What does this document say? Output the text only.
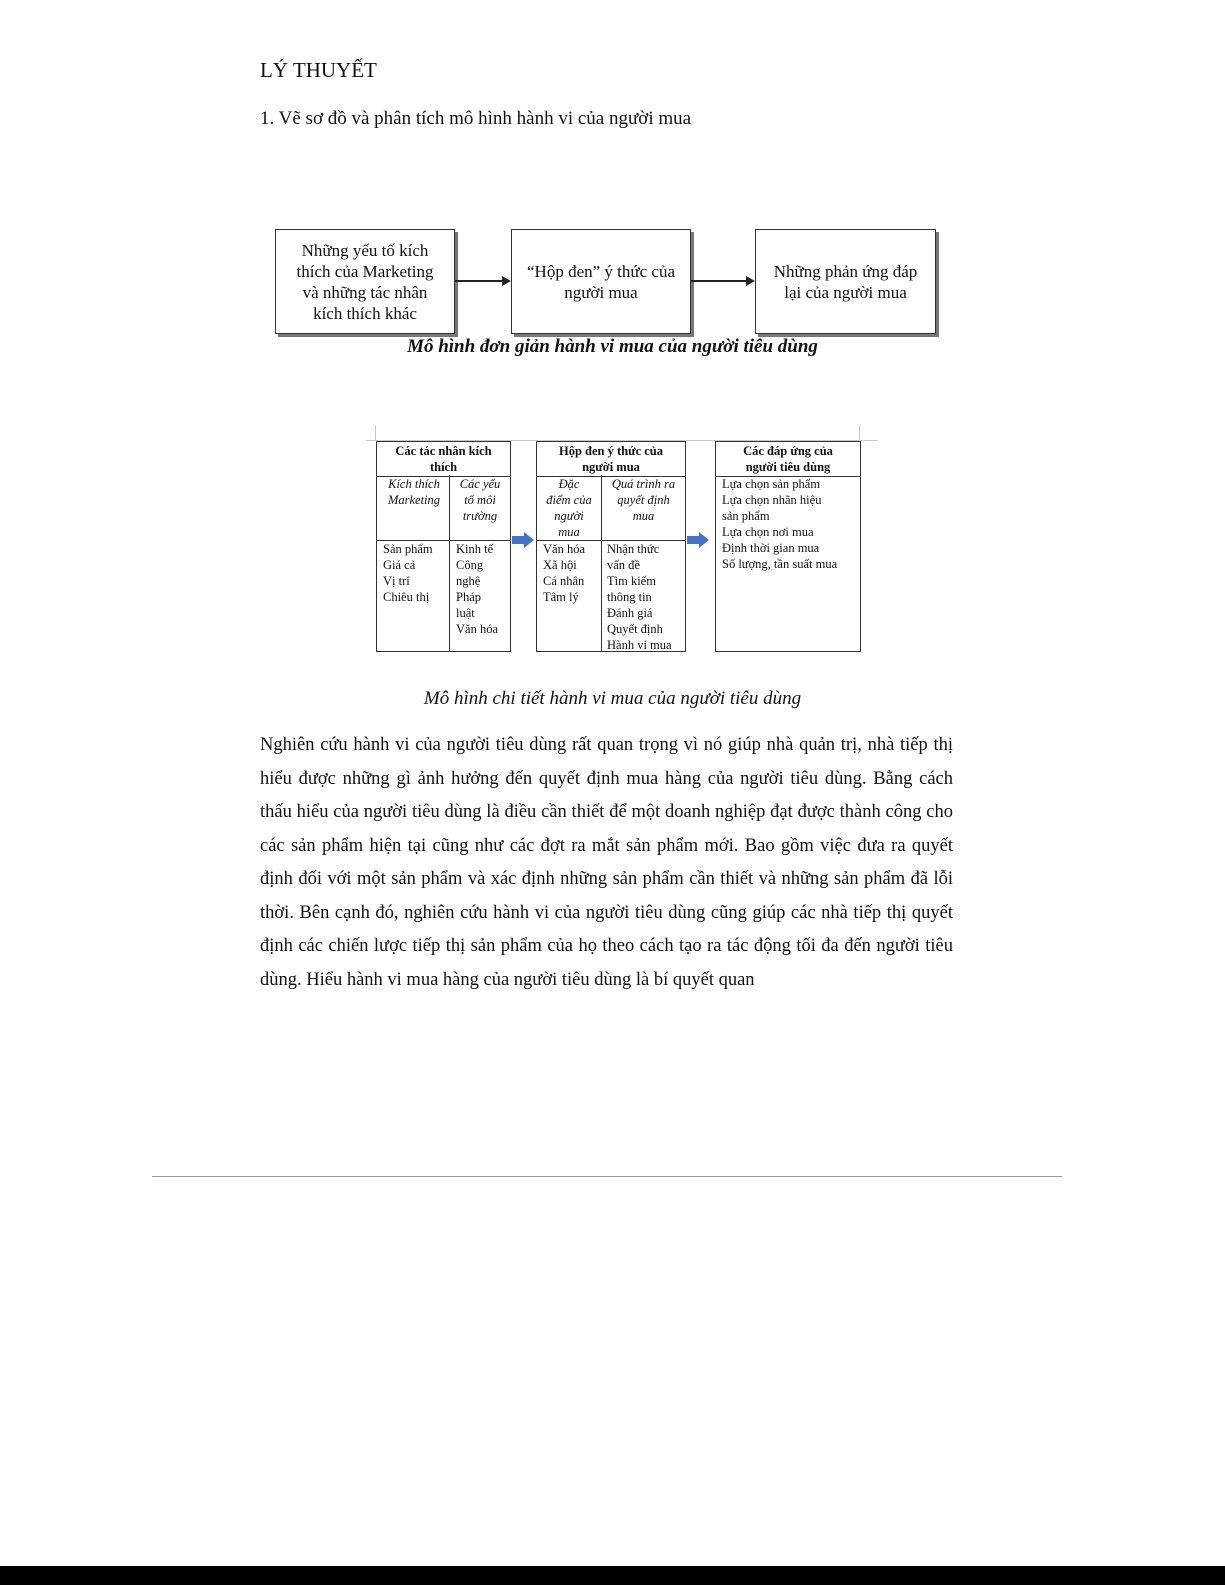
LÝ THUYẾT
1. Vẽ sơ đồ và phân tích mô hình hành vi của người mua
Những yếu tố kích
thích của Marketing
và những tác nhân
kích thích khác
“Hộp đen” ý thức của
người mua
Những phản ứng đáp
lại của người mua
Mô hình đơn giản hành vi mua của người tiêu dùng
Các tác nhân kích
thích
Kích thích
Marketing
Các yếu
tố môi
trường
Sản phẩm
Giá cả
Vị trí
Chiêu thị
Kinh tế
Công
nghệ
Pháp
luật
Văn hóa
Hộp đen ý thức của
người mua
Đặc
điểm của
người
mua
Quá trình ra
quyết định
mua
Văn hóa
Xã hội
Cá nhân
Tâm lý
Nhận thức
vấn đề
Tìm kiếm
thông tin
Đánh giá
Quyết định
Hành vi mua
Các đáp ứng của
người tiêu dùng
Lựa chọn sản phẩm
Lựa chọn nhãn hiệu
sản phẩm
Lựa chọn nơi mua
Định thời gian mua
Số lượng, tần suất mua
Mô hình chi tiết hành vi mua của người tiêu dùng
Nghiên cứu hành vi của người tiêu dùng rất quan trọng vì nó giúp nhà quản trị, nhà tiếp thị hiểu được những gì ảnh hưởng đến quyết định mua hàng của người tiêu dùng. Bằng cách thấu hiểu của người tiêu dùng là điều cần thiết để một doanh nghiệp đạt được thành công cho các sản phẩm hiện tại cũng như các đợt ra mắt sản phẩm mới. Bao gồm việc đưa ra quyết định đối với một sản phẩm và xác định những sản phẩm cần thiết và những sản phẩm đã lỗi thời. Bên cạnh đó, nghiên cứu hành vi của người tiêu dùng cũng giúp các nhà tiếp thị quyết định các chiến lược tiếp thị sản phẩm của họ theo cách tạo ra tác động tối đa đến người tiêu dùng. Hiểu hành vi mua hàng của người tiêu dùng là bí quyết quan
